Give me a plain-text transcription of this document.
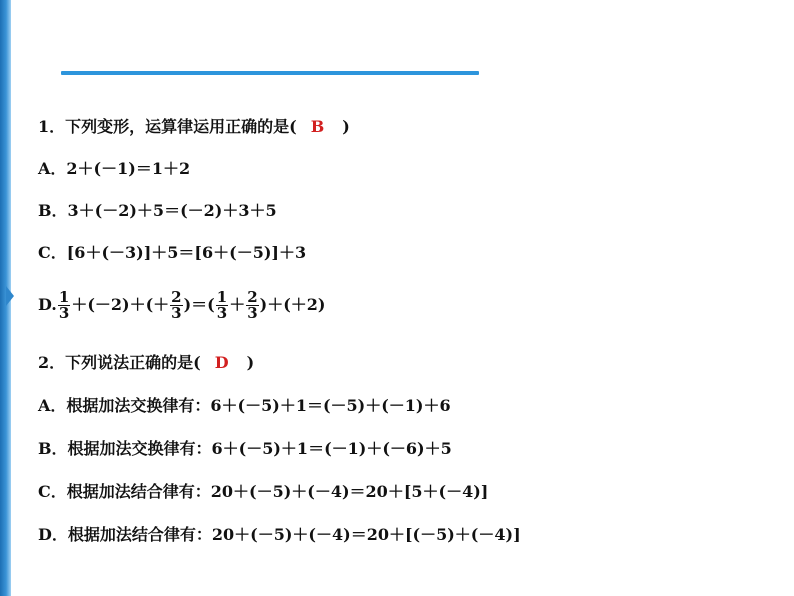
1．下列变形，运算律运用正确的是( B )
A．2＋(－1)＝1＋2
B．3＋(－2)＋5＝(－2)＋3＋5
C．[6＋(－3)]＋5＝[6＋(－5)]＋3
D. $\frac{1}{3} +(-2)+(+ \frac{2}{3}$ )＝( $\frac{1}{3} + \frac{2}{3} )+(+2)$
2．下列说法正确的是( D )
A．根据加法交换律有：6＋(－5)＋1＝(－5)＋(－1)＋6
B．根据加法交换律有：6＋(－5)＋1＝(－1)＋(－6)＋5
C．根据加法结合律有：20＋(－5)＋(－4)＝20＋[5＋(－4)]
D．根据加法结合律有：20＋(－5)＋(－4)＝20＋[(－5)＋(－4)]
